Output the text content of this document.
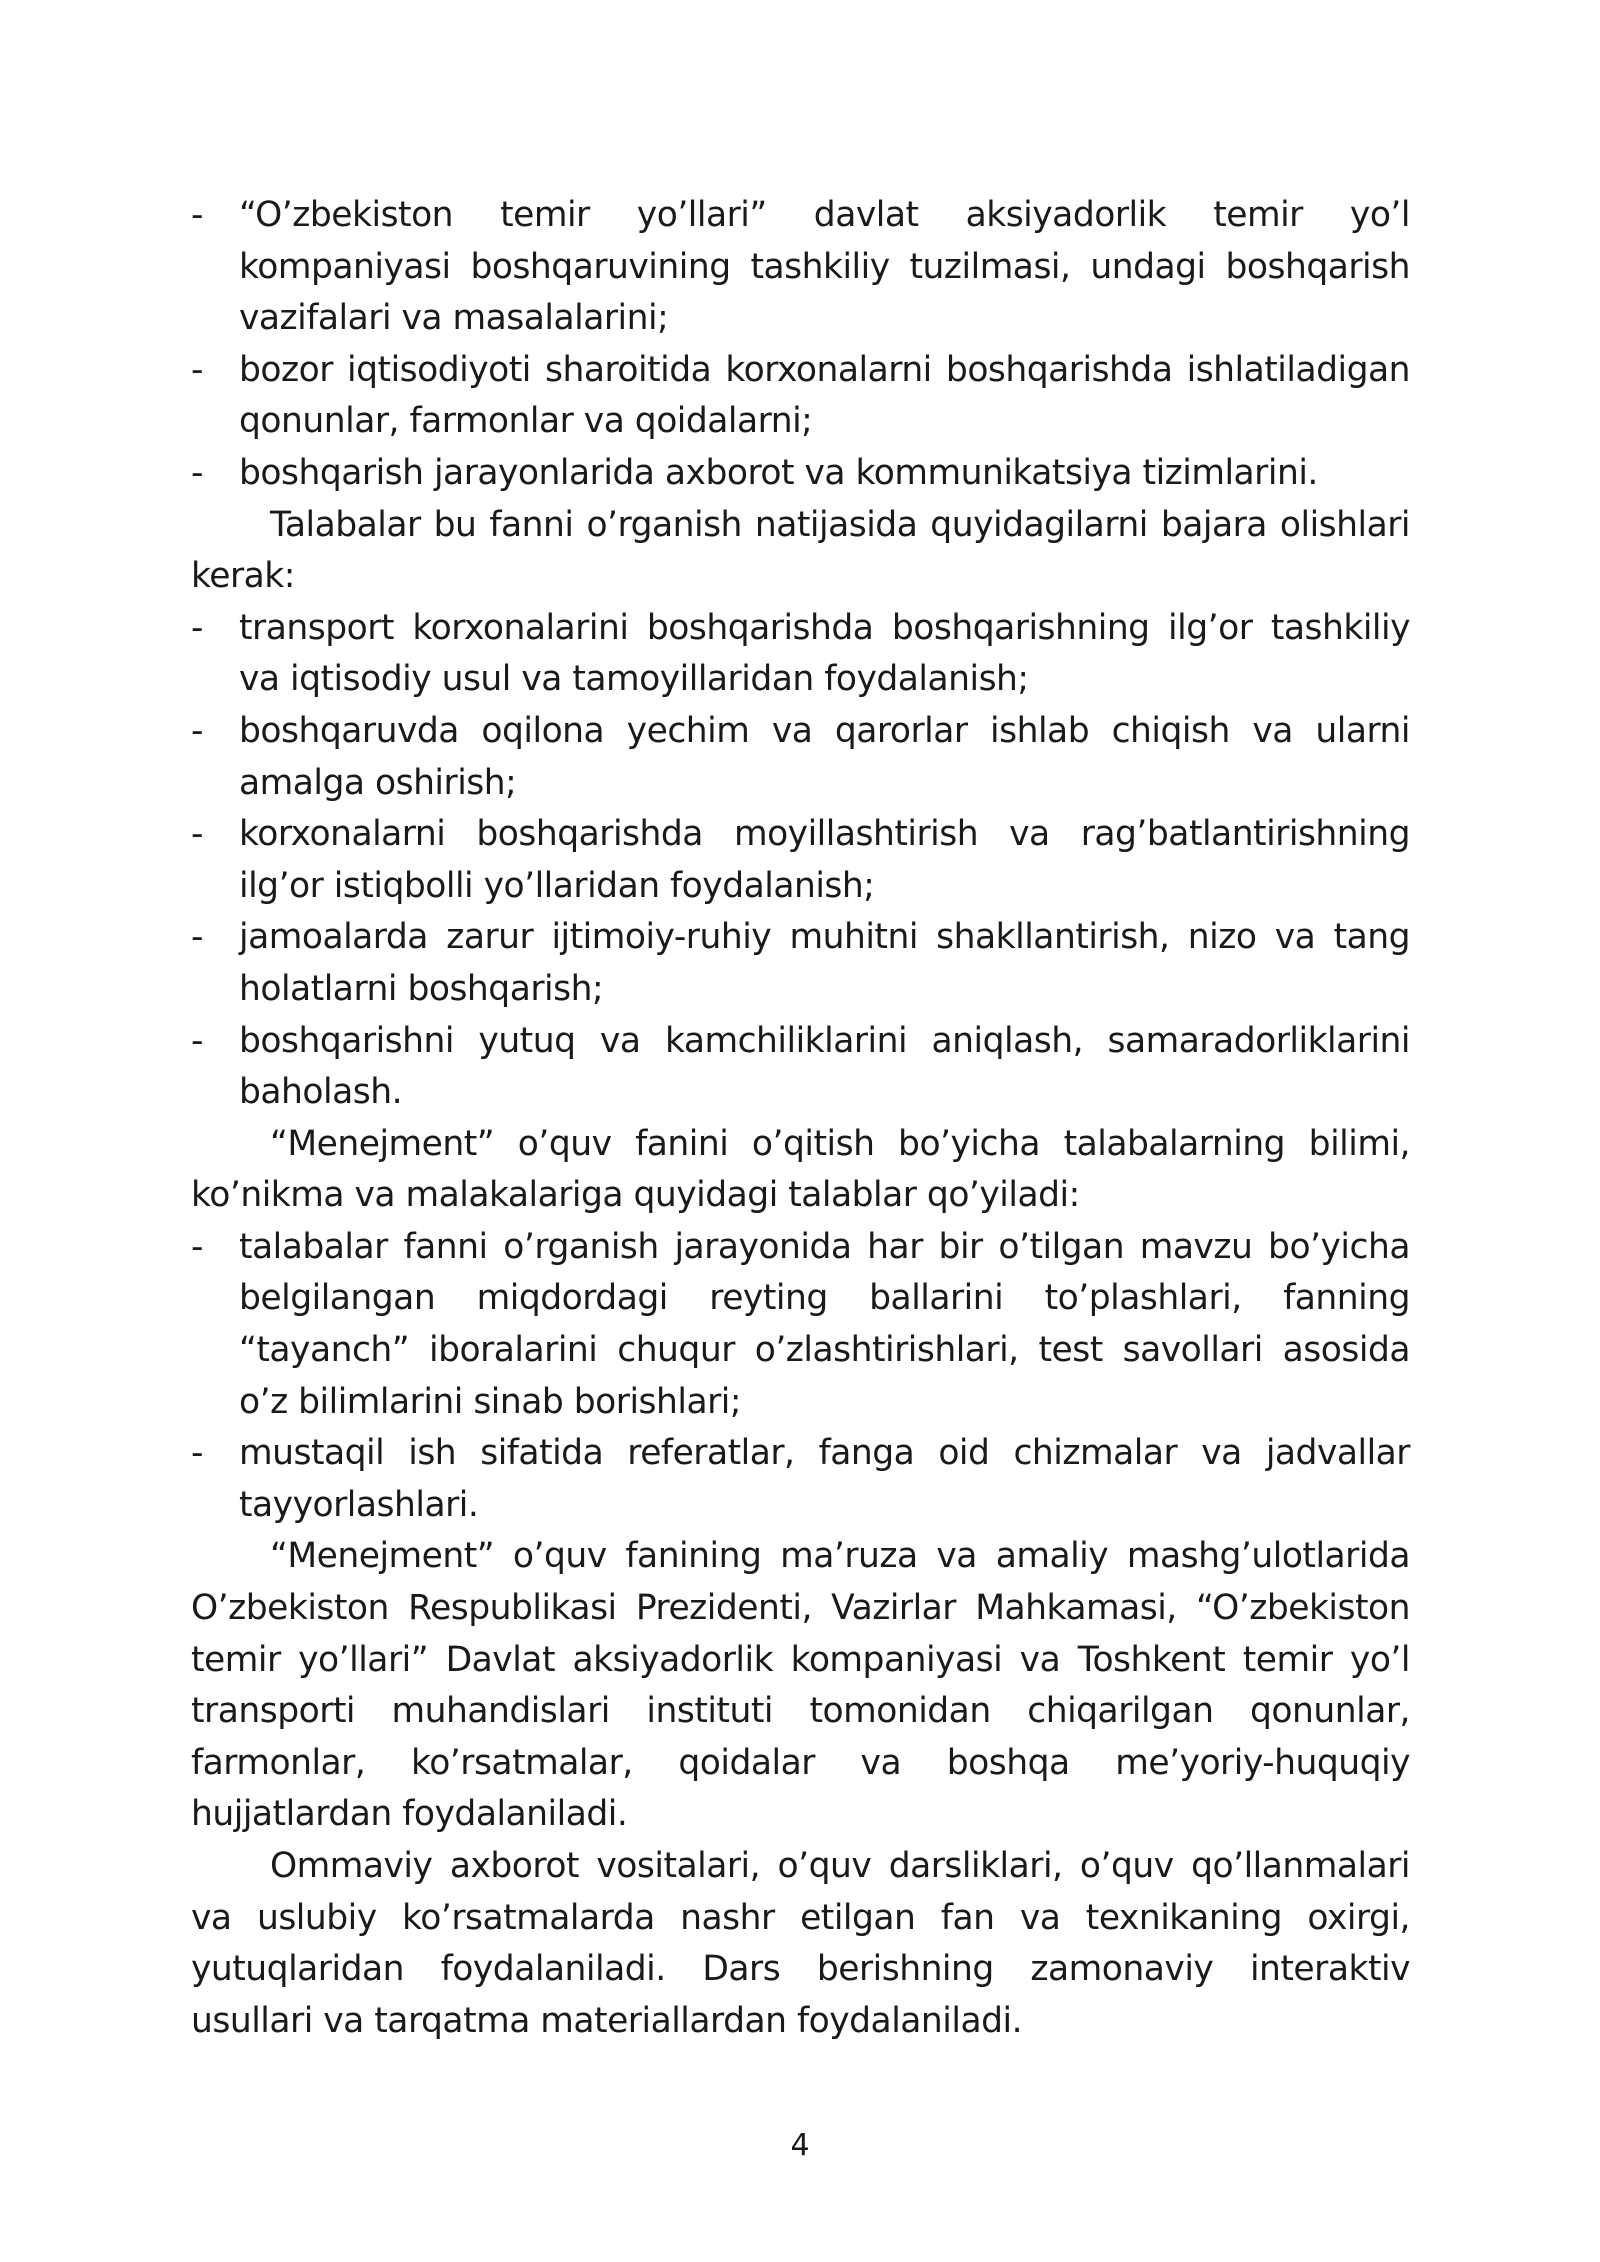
-	“O’zbekiston temir yo’llari” davlat aksiyadorlik temir yo’l kompaniyasi boshqaruvining tashkiliy tuzilmasi, undagi boshqarish vazifalari va masalalarini;
-	bozor iqtisodiyoti sharoitida korxonalarni boshqarishda ishlatiladigan qonunlar, farmonlar va qoidalarni;
-	boshqarish jarayonlarida axborot va kommunikatsiya tizimlarini.

Talabalar bu fanni o’rganish natijasida quyidagilarni bajara olishlari kerak:

-	transport korxonalarini boshqarishda boshqarishning ilg’or tashkiliy va iqtisodiy usul va tamoyillaridan foydalanish;
-	boshqaruvda oqilona yechim va qarorlar ishlab chiqish va ularni amalga oshirish;
-	korxonalarni boshqarishda moyillashtirish va rag’batlantirishning ilg’or istiqbolli yo’llaridan foydalanish;
-	jamoalarda zarur ijtimoiy-ruhiy muhitni shakllantirish, nizo va tang holatlarni boshqarish;
-	boshqarishni yutuq va kamchiliklarini aniqlash, samaradorliklarini baholash.

“Menejment” o’quv fanini o’qitish bo’yicha talabalarning bilimi, ko’nikma va malakalariga quyidagi talablar qo’yiladi:

-	talabalar fanni o’rganish jarayonida har bir o’tilgan mavzu bo’yicha belgilangan miqdordagi reyting ballarini to’plashlari, fanning “tayanch” iboralarini chuqur o’zlashtirishlari, test savollari asosida o’z bilimlarini sinab borishlari;
-	mustaqil ish sifatida referatlar, fanga oid chizmalar va jadvallar tayyorlashlari.

“Menejment” o’quv fanining ma’ruza va amaliy mashg’ulotlarida O’zbekiston Respublikasi Prezidenti, Vazirlar Mahkamasi, “O’zbekiston temir yo’llari” Davlat aksiyadorlik kompaniyasi va Toshkent temir yo’l transporti muhandislari instituti tomonidan chiqarilgan qonunlar, farmonlar, ko’rsatmalar, qoidalar va boshqa me’yoriy-huquqiy hujjatlardan foydalaniladi.

Ommaviy axborot vositalari, o’quv darsliklari, o’quv qo’llanmalari va uslubiy ko’rsatmalarda nashr etilgan fan va texnikaning oxirgi, yutuqlaridan foydalaniladi. Dars berishning zamonaviy interaktiv usullari va tarqatma materiallardan foydalaniladi.

4
